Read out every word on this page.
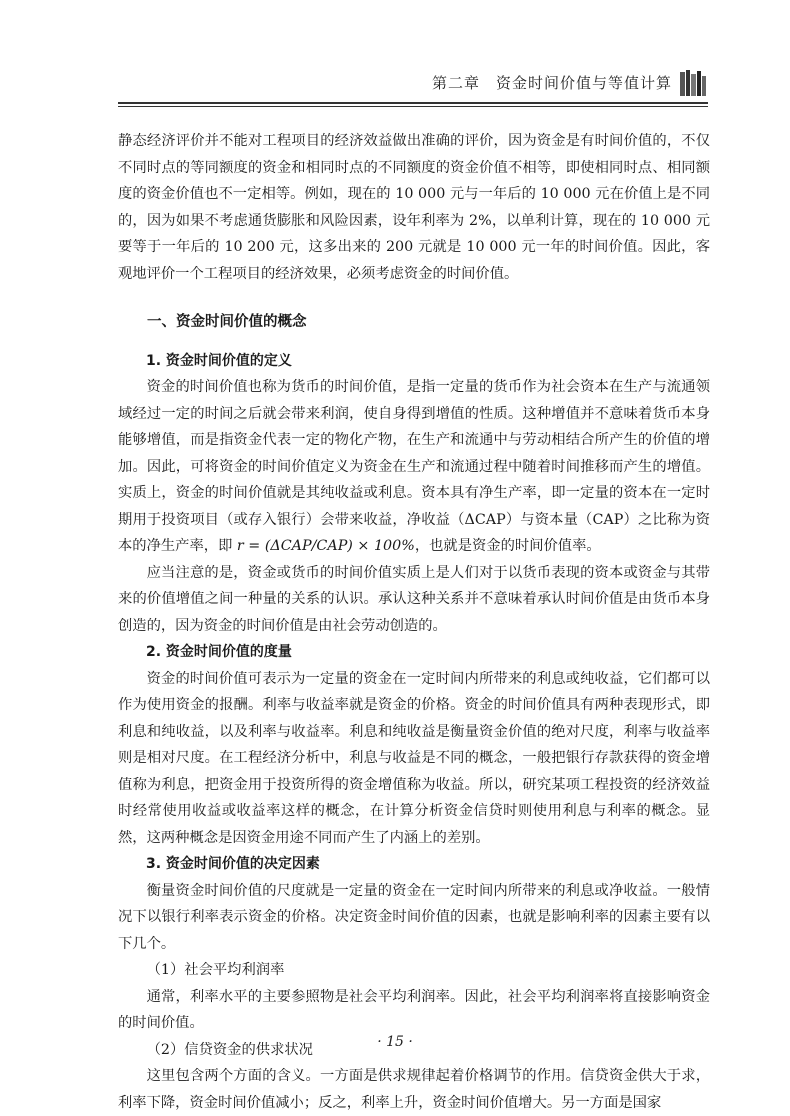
第二章　资金时间价值与等值计算

静态经济评价并不能对工程项目的经济效益做出准确的评价，因为资金是有时间价值的，不仅不同时点的等同额度的资金和相同时点的不同额度的资金价值不相等，即使相同时点、相同额度的资金价值也不一定相等。例如，现在的 10 000 元与一年后的 10 000 元在价值上是不同的，因为如果不考虑通货膨胀和风险因素，设年利率为 2%，以单利计算，现在的 10 000 元要等于一年后的 10 200 元，这多出来的 200 元就是 10 000 元一年的时间价值。因此，客观地评价一个工程项目的经济效果，必须考虑资金的时间价值。

一、资金时间价值的概念

1. 资金时间价值的定义

资金的时间价值也称为货币的时间价值，是指一定量的货币作为社会资本在生产与流通领域经过一定的时间之后就会带来利润，使自身得到增值的性质。这种增值并不意味着货币本身能够增值，而是指资金代表一定的物化产物，在生产和流通中与劳动相结合所产生的价值的增加。因此，可将资金的时间价值定义为资金在生产和流通过程中随着时间推移而产生的增值。实质上，资金的时间价值就是其纯收益或利息。资本具有净生产率，即一定量的资本在一定时期用于投资项目（或存入银行）会带来收益，净收益（ΔCAP）与资本量（CAP）之比称为资本的净生产率，即 r = (ΔCAP/CAP) × 100%，也就是资金的时间价值率。

应当注意的是，资金或货币的时间价值实质上是人们对于以货币表现的资本或资金与其带来的价值增值之间一种量的关系的认识。承认这种关系并不意味着承认时间价值是由货币本身创造的，因为资金的时间价值是由社会劳动创造的。

2. 资金时间价值的度量

资金的时间价值可表示为一定量的资金在一定时间内所带来的利息或纯收益，它们都可以作为使用资金的报酬。利率与收益率就是资金的价格。资金的时间价值具有两种表现形式，即利息和纯收益，以及利率与收益率。利息和纯收益是衡量资金价值的绝对尺度，利率与收益率则是相对尺度。在工程经济分析中，利息与收益是不同的概念，一般把银行存款获得的资金增值称为利息，把资金用于投资所得的资金增值称为收益。所以，研究某项工程投资的经济效益时经常使用收益或收益率这样的概念，在计算分析资金信贷时则使用利息与利率的概念。显然，这两种概念是因资金用途不同而产生了内涵上的差别。

3. 资金时间价值的决定因素

衡量资金时间价值的尺度就是一定量的资金在一定时间内所带来的利息或净收益。一般情况下以银行利率表示资金的价格。决定资金时间价值的因素，也就是影响利率的因素主要有以下几个。

（1）社会平均利润率

通常，利率水平的主要参照物是社会平均利润率。因此，社会平均利润率将直接影响资金的时间价值。

（2）信贷资金的供求状况

这里包含两个方面的含义。一方面是供求规律起着价格调节的作用。信贷资金供大于求，利率下降，资金时间价值减小；反之，利率上升，资金时间价值增大。另一方面是国家

· 15 ·
